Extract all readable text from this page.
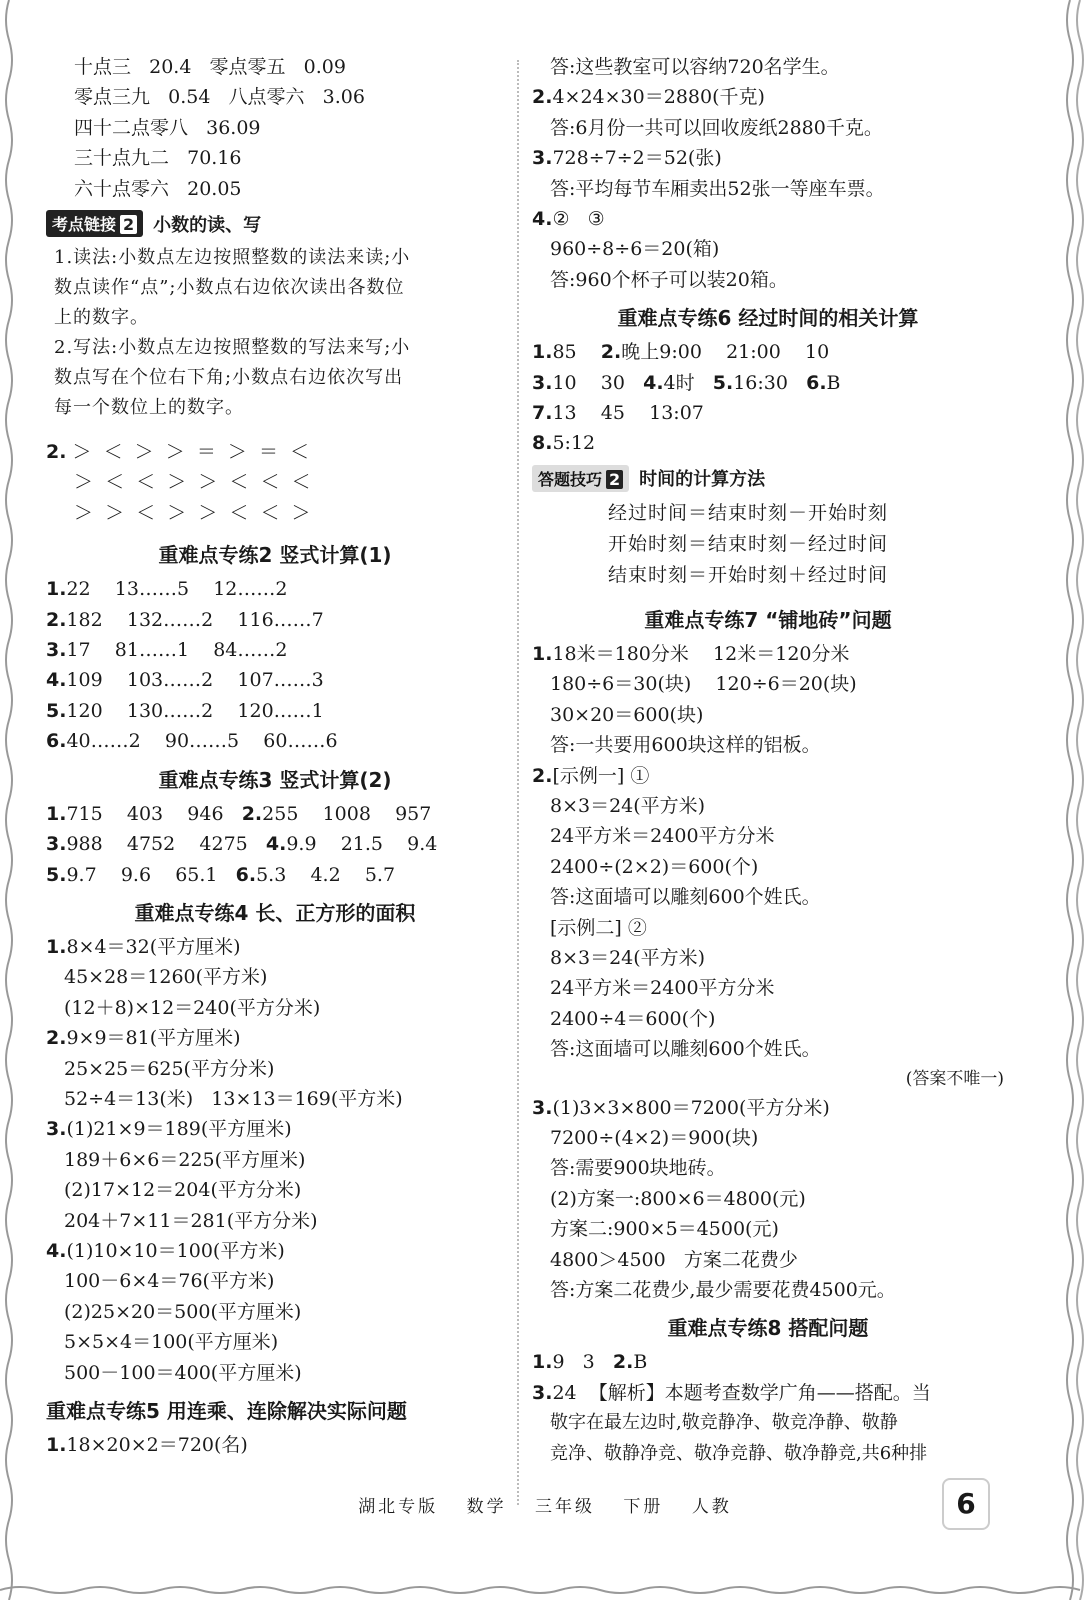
十点三   20.4   零点零五   0.09
零点三九   0.54   八点零六   3.06
四十二点零八   36.09
三十点九二   70.16
六十点零六   20.05
考点链接 2	小数的读、写
1.读法:小数点左边按照整数的读法来读;小
数点读作“点”;小数点右边依次读出各数位
上的数字。
2.写法:小数点左边按照整数的写法来写;小
数点写在个位右下角;小数点右边依次写出
每一个数位上的数字。
2. ＞  ＜  ＞  ＞  ＝  ＞  ＝  ＜
＞  ＜  ＜  ＞  ＞  ＜  ＜  ＜
＞  ＞  ＜  ＞  ＞  ＜  ＜  ＞
重难点专练2 竖式计算(1)
1.22    13……5    12……2
2.182    132……2    116……7
3.17    81……1    84……2
4.109    103……2    107……3
5.120    130……2    120……1
6.40……2    90……5    60……6
重难点专练3 竖式计算(2)
1.715    403    946   2.255    1008    957
3.988    4752    4275   4.9.9    21.5    9.4
5.9.7    9.6    65.1   6.5.3    4.2    5.7
重难点专练4 长、正方形的面积
1.8×4＝32(平方厘米)
45×28＝1260(平方米)
(12＋8)×12＝240(平方分米)
2.9×9＝81(平方厘米)
25×25＝625(平方分米)
52÷4＝13(米)   13×13＝169(平方米)
3.(1)21×9＝189(平方厘米)
189＋6×6＝225(平方厘米)
(2)17×12＝204(平方分米)
204＋7×11＝281(平方分米)
4.(1)10×10＝100(平方米)
100－6×4＝76(平方米)
(2)25×20＝500(平方厘米)
5×5×4＝100(平方厘米)
500－100＝400(平方厘米)
重难点专练5 用连乘、连除解决实际问题
1.18×20×2＝720(名)
答:这些教室可以容纳720名学生。
2.4×24×30＝2880(千克)
答:6月份一共可以回收废纸2880千克。
3.728÷7÷2＝52(张)
答:平均每节车厢卖出52张一等座车票。
4.②   ③
960÷8÷6＝20(箱)
答:960个杯子可以装20箱。
重难点专练6 经过时间的相关计算
1.85    2.晚上9:00    21:00    10
3.10    30   4.4时   5.16:30   6.B
7.13    45    13:07
8.5:12
答题技巧 2	时间的计算方法
经过时间＝结束时刻－开始时刻
开始时刻＝结束时刻－经过时间
结束时刻＝开始时刻＋经过时间
重难点专练7 “铺地砖”问题
1.18米＝180分米    12米＝120分米
180÷6＝30(块)    120÷6＝20(块)
30×20＝600(块)
答:一共要用600块这样的铝板。
2.[示例一] ①
8×3＝24(平方米)
24平方米＝2400平方分米
2400÷(2×2)＝600(个)
答:这面墙可以雕刻600个姓氏。
[示例二] ②
8×3＝24(平方米)
24平方米＝2400平方分米
2400÷4＝600(个)
答:这面墙可以雕刻600个姓氏。
(答案不唯一)
3.(1)3×3×800＝7200(平方分米)
7200÷(4×2)＝900(块)
答:需要900块地砖。
(2)方案一:800×6＝4800(元)
方案二:900×5＝4500(元)
4800＞4500   方案二花费少
答:方案二花费少,最少需要花费4500元。
重难点专练8 搭配问题
1.9   3   2.B
3.24  【解析】本题考查数学广角——搭配。当
敬字在最左边时,敬竞静净、敬竞净静、敬静
竞净、敬静净竞、敬净竞静、敬净静竞,共6种排
湖北专版 数学 三年级 下册 人教	6
